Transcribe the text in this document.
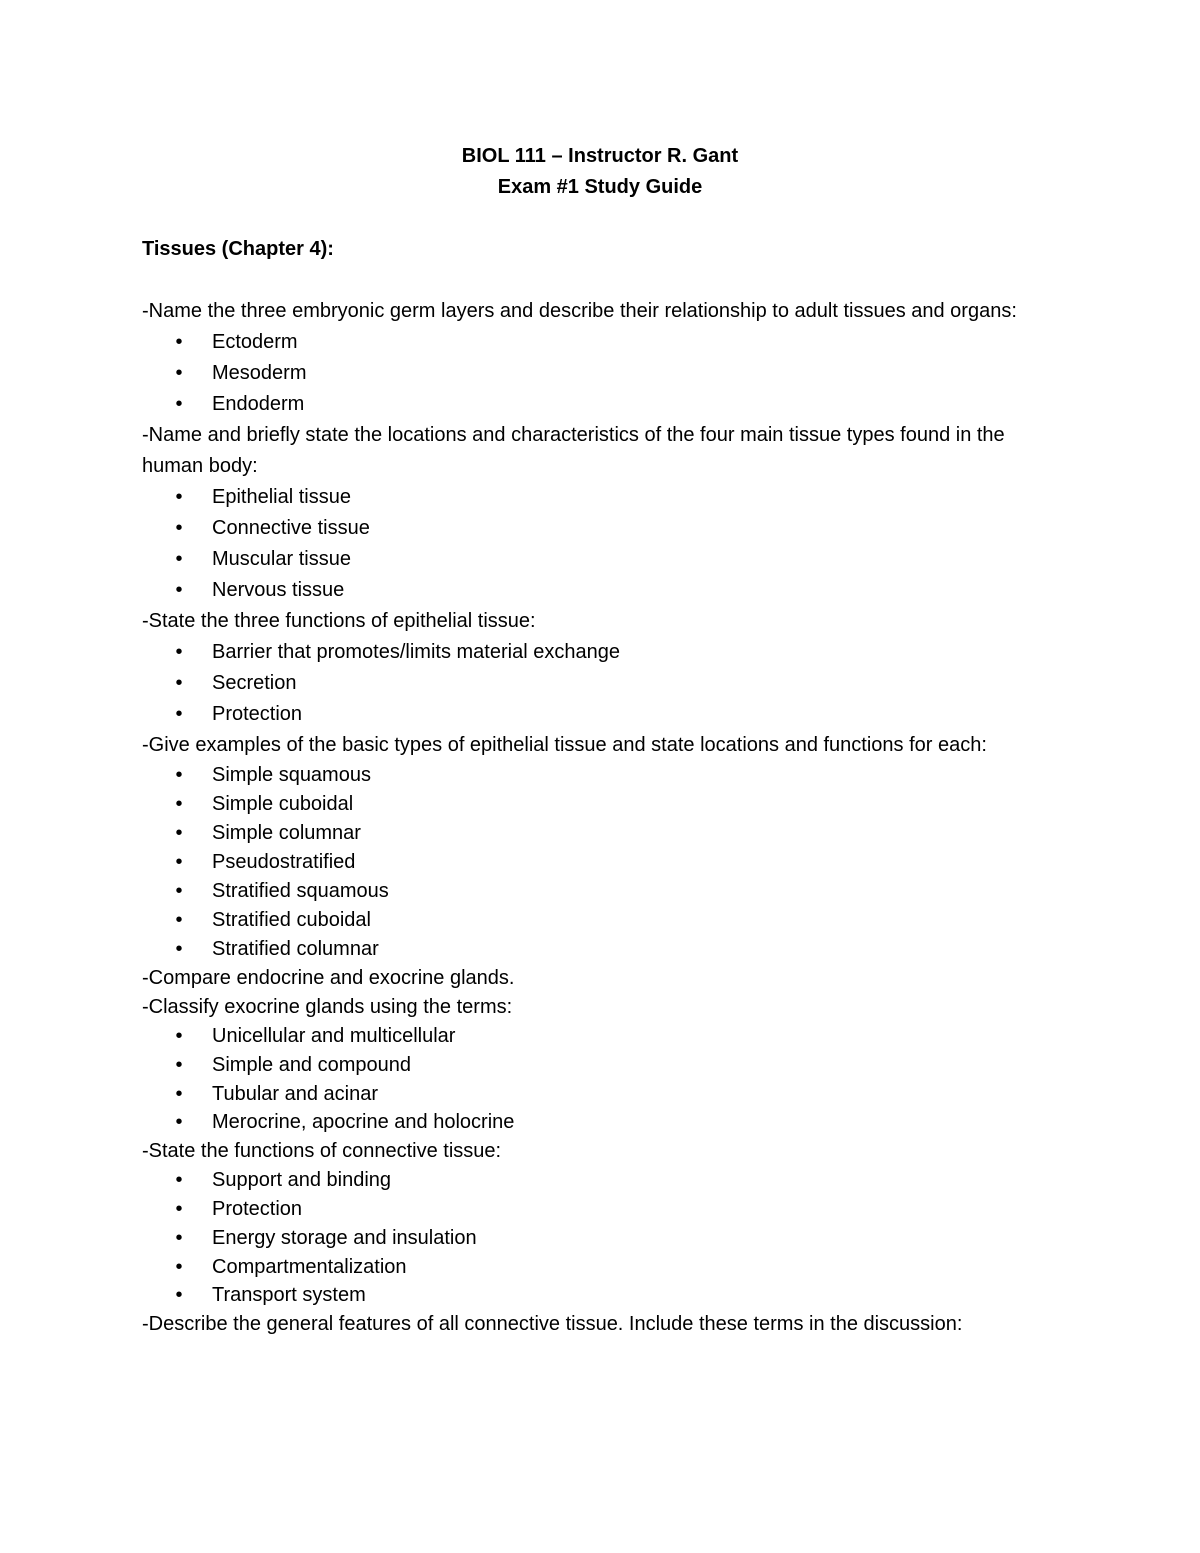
BIOL 111 – Instructor R. Gant
Exam #1 Study Guide
Tissues (Chapter 4):
-Name the three embryonic germ layers and describe their relationship to adult tissues and organs:
• Ectoderm
• Mesoderm
• Endoderm
-Name and briefly state the locations and characteristics of the four main tissue types found in the human body:
• Epithelial tissue
• Connective tissue
• Muscular tissue
• Nervous tissue
-State the three functions of epithelial tissue:
• Barrier that promotes/limits material exchange
• Secretion
• Protection
-Give examples of the basic types of epithelial tissue and state locations and functions for each:
• Simple squamous
• Simple cuboidal
• Simple columnar
• Pseudostratified
• Stratified squamous
• Stratified cuboidal
• Stratified columnar
-Compare endocrine and exocrine glands.
-Classify exocrine glands using the terms:
• Unicellular and multicellular
• Simple and compound
• Tubular and acinar
• Merocrine, apocrine and holocrine
-State the functions of connective tissue:
• Support and binding
• Protection
• Energy storage and insulation
• Compartmentalization
• Transport system
-Describe the general features of all connective tissue. Include these terms in the discussion:
